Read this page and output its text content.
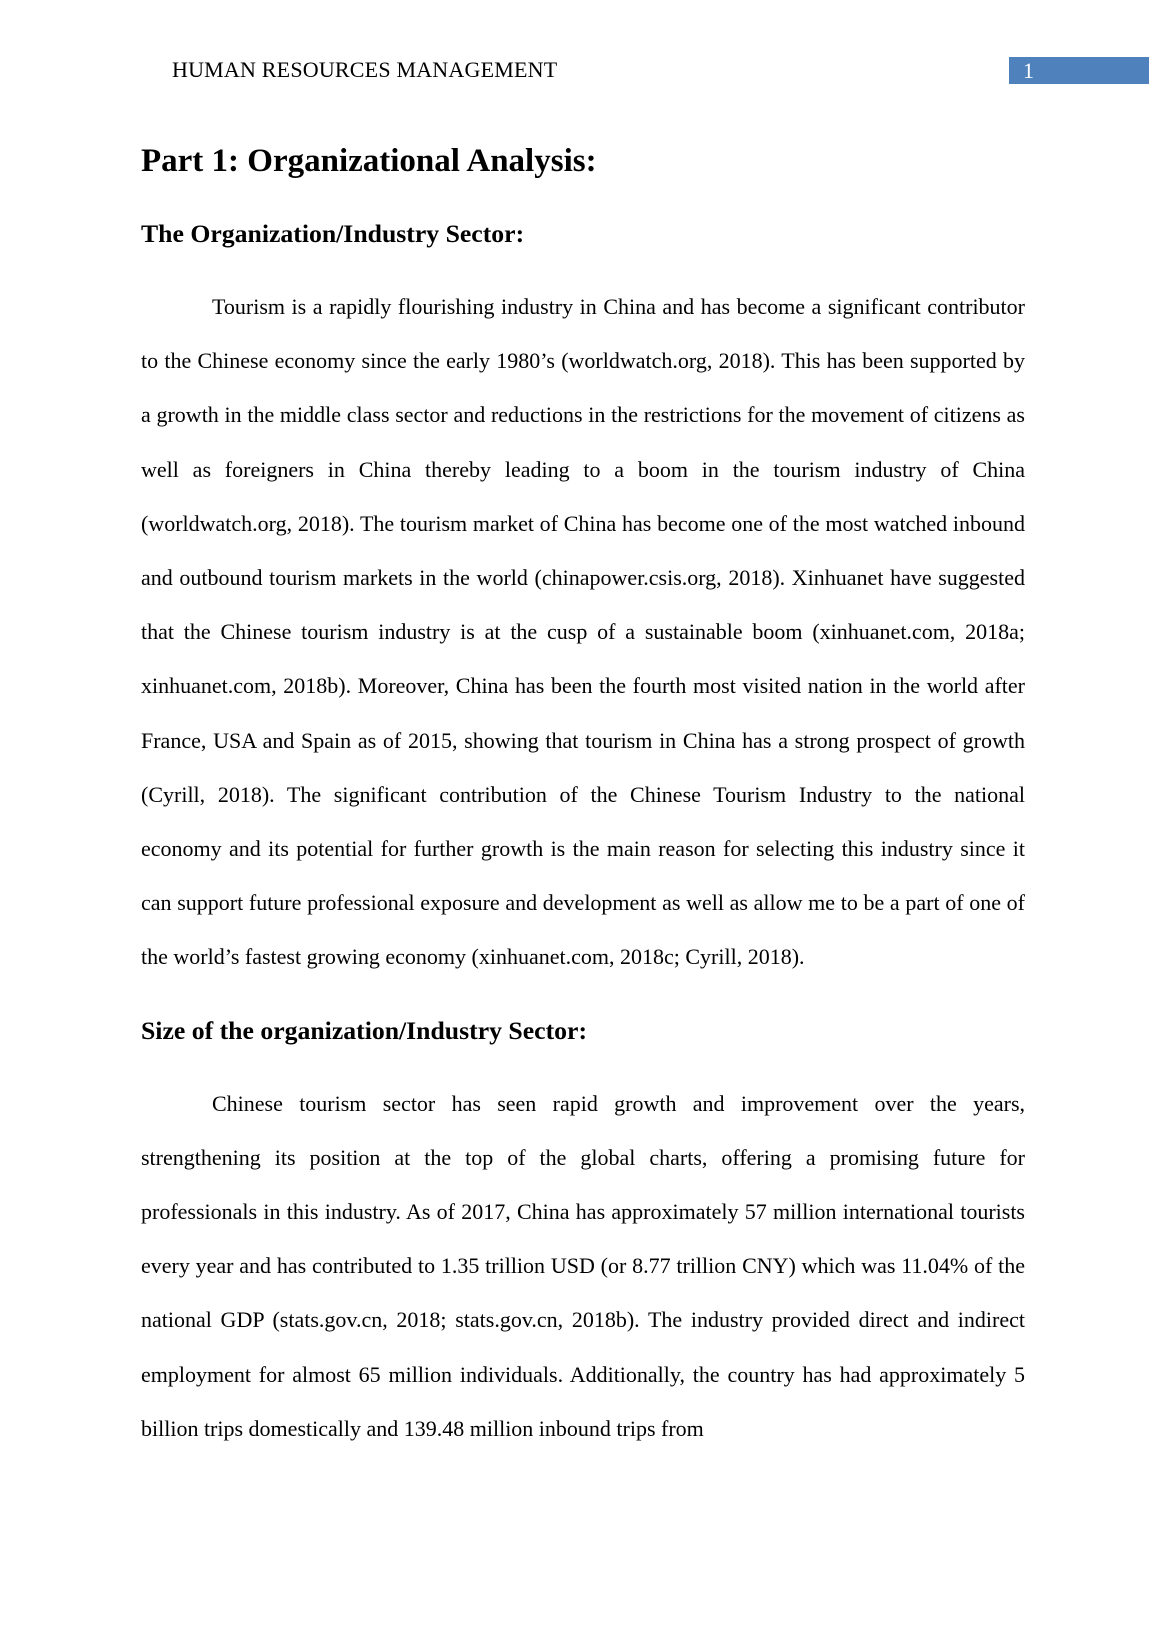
HUMAN RESOURCES MANAGEMENT	1
Part 1: Organizational Analysis:
The Organization/Industry Sector:

Tourism is a rapidly flourishing industry in China and has become a significant contributor to the Chinese economy since the early 1980’s (worldwatch.org, 2018). This has been supported by a growth in the middle class sector and reductions in the restrictions for the movement of citizens as well as foreigners in China thereby leading to a boom in the tourism industry of China (worldwatch.org, 2018). The tourism market of China has become one of the most watched inbound and outbound tourism markets in the world (chinapower.csis.org, 2018). Xinhuanet have suggested that the Chinese tourism industry is at the cusp of a sustainable boom (xinhuanet.com, 2018a; xinhuanet.com, 2018b). Moreover, China has been the fourth most visited nation in the world after France, USA and Spain as of 2015, showing that tourism in China has a strong prospect of growth (Cyrill, 2018). The significant contribution of the Chinese Tourism Industry to the national economy and its potential for further growth is the main reason for selecting this industry since it can support future professional exposure and development as well as allow me to be a part of one of the world’s fastest growing economy (xinhuanet.com, 2018c; Cyrill, 2018).

Size of the organization/Industry Sector:

Chinese tourism sector has seen rapid growth and improvement over the years, strengthening its position at the top of the global charts, offering a promising future for professionals in this industry. As of 2017, China has approximately 57 million international tourists every year and has contributed to 1.35 trillion USD (or 8.77 trillion CNY) which was 11.04% of the national GDP (stats.gov.cn, 2018; stats.gov.cn, 2018b). The industry provided direct and indirect employment for almost 65 million individuals. Additionally, the country has had approximately 5 billion trips domestically and 139.48 million inbound trips from
